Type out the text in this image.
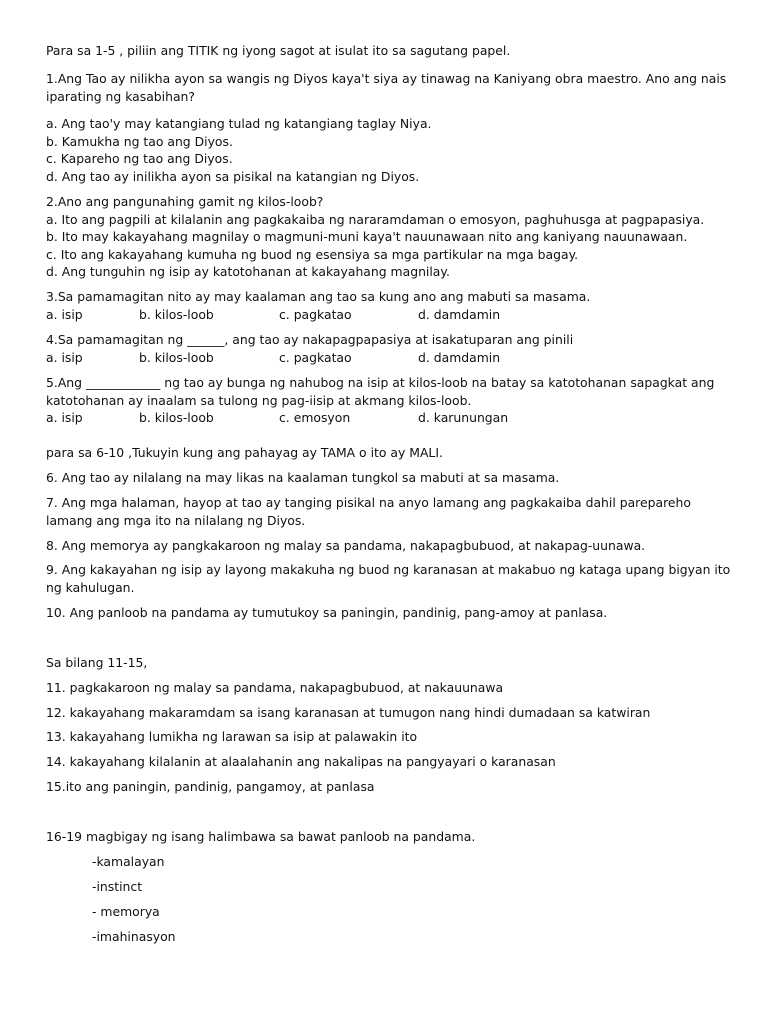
Para sa 1-5 , piliin ang TITIK ng iyong sagot at isulat ito sa sagutang papel.
1.Ang Tao ay nilikha ayon sa wangis ng Diyos kaya't siya ay tinawag na Kaniyang obra maestro. Ano ang nais iparating ng kasabihan?
a. Ang tao'y may katangiang tulad ng katangiang taglay Niya.
b. Kamukha ng tao ang Diyos.
c. Kapareho ng tao ang Diyos.
d. Ang tao ay inilikha ayon sa pisikal na katangian ng Diyos.
2.Ano ang pangunahing gamit ng kilos-loob?
a. Ito ang pagpili at kilalanin ang pagkakaiba ng nararamdaman o emosyon, paghuhusga at pagpapasiya.
b. Ito may kakayahang magnilay o magmuni-muni kaya't nauunawaan nito ang kaniyang nauunawaan.
c. Ito ang kakayahang kumuha ng buod ng esensiya sa mga partikular na mga bagay.
d. Ang tunguhin ng isip ay katotohanan at kakayahang magnilay.
3.Sa pamamagitan nito ay may kaalaman ang tao sa kung ano ang mabuti sa masama.
a. isip	b. kilos-loob	c. pagkatao	d. damdamin
4.Sa pamamagitan ng ______, ang tao ay nakapagpapasiya at isakatuparan ang pinili
a. isip	b. kilos-loob	c. pagkatao	d. damdamin
5.Ang ____________ ng tao ay bunga ng nahubog na isip at kilos-loob na batay sa katotohanan sapagkat ang katotohanan ay inaalam sa tulong ng pag-iisip at akmang kilos-loob.
a. isip	b. kilos-loob	c. emosyon	d. karunungan
para sa 6-10 ,Tukuyin kung ang pahayag ay TAMA o ito ay MALI.
6. Ang tao ay nilalang na may likas na kaalaman tungkol sa mabuti at sa masama.
7. Ang mga halaman, hayop at tao ay tanging pisikal na anyo lamang ang pagkakaiba dahil parepareho lamang ang mga ito na nilalang ng Diyos.
8. Ang memorya ay pangkakaroon ng malay sa pandama, nakapagbubuod, at nakapag-uunawa.
9. Ang kakayahan ng isip ay layong makakuha ng buod ng karanasan at makabuo ng kataga upang bigyan ito ng kahulugan.
10. Ang panloob na pandama ay tumutukoy sa paningin, pandinig, pang-amoy at panlasa.
Sa bilang 11-15,
11. pagkakaroon ng malay sa pandama, nakapagbubuod, at nakauunawa
12. kakayahang makaramdam sa isang karanasan at tumugon nang hindi dumadaan sa katwiran
13. kakayahang lumikha ng larawan sa isip at palawakin ito
14. kakayahang kilalanin at alaalahanin ang nakalipas na pangyayari o karanasan
15.ito ang paningin, pandinig, pangamoy, at panlasa
16-19 magbigay ng isang halimbawa sa bawat panloob na pandama.
-kamalayan
-instinct
- memorya
-imahinasyon
